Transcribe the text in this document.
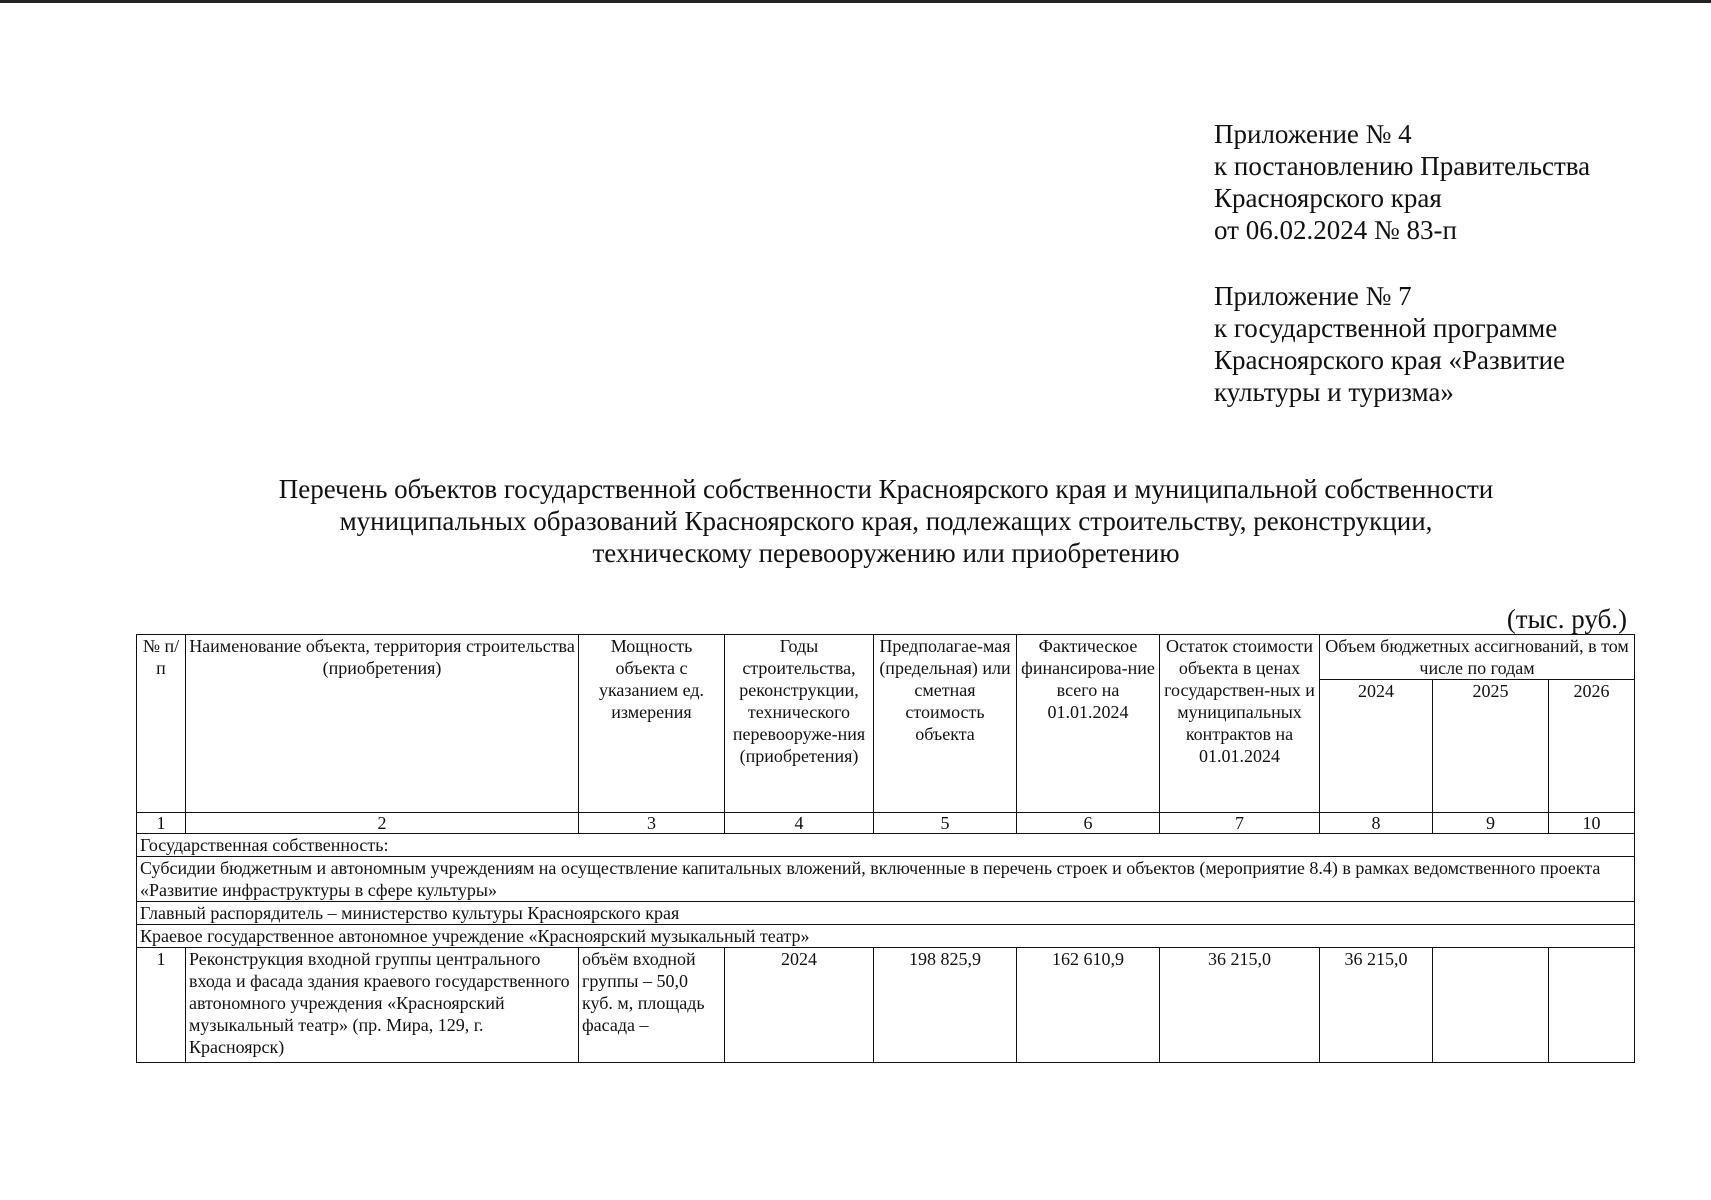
Приложение № 4
к постановлению Правительства
Красноярского края
от 06.02.2024 № 83-п
Приложение № 7
к государственной программе
Красноярского края «Развитие
культуры и туризма»
Перечень объектов государственной собственности Красноярского края и муниципальной собственности
муниципальных образований Красноярского края, подлежащих строительству, реконструкции,
техническому перевооружению или приобретению
(тыс. руб.)
№ п/п	Наименование объекта, территория строительства (приобретения)	Мощность объекта с указанием ед. измерения	Годы строительства, реконструкции, технического перевооруже-ния (приобретения)	Предполагае-мая (предельная) или сметная стоимость объекта	Фактическое финансирова-ние всего на 01.01.2024	Остаток стоимости объекта в ценах государствен-ных и муниципальных контрактов на 01.01.2024	Объем бюджетных ассигнований, в том числе по годам		
							2024	2025	2026
1	2	3	4	5	6	7	8	9	10
Государственная собственность:									
Субсидии бюджетным и автономным учреждениям на осуществление капитальных вложений, включенные в перечень строек и объектов (мероприятие 8.4) в рамках ведомственного проекта «Развитие инфраструктуры в сфере культуры»									
Главный распорядитель – министерство культуры Красноярского края									
Краевое государственное автономное учреждение «Красноярский музыкальный театр»									
1	Реконструкция входной группы центрального входа и фасада здания краевого государственного автономного учреждения «Красноярский музыкальный театр» (пр. Мира, 129, г. Красноярск)	объём входной группы – 50,0 куб. м, площадь фасада –	2024	198 825,9	162 610,9	36 215,0	36 215,0		
